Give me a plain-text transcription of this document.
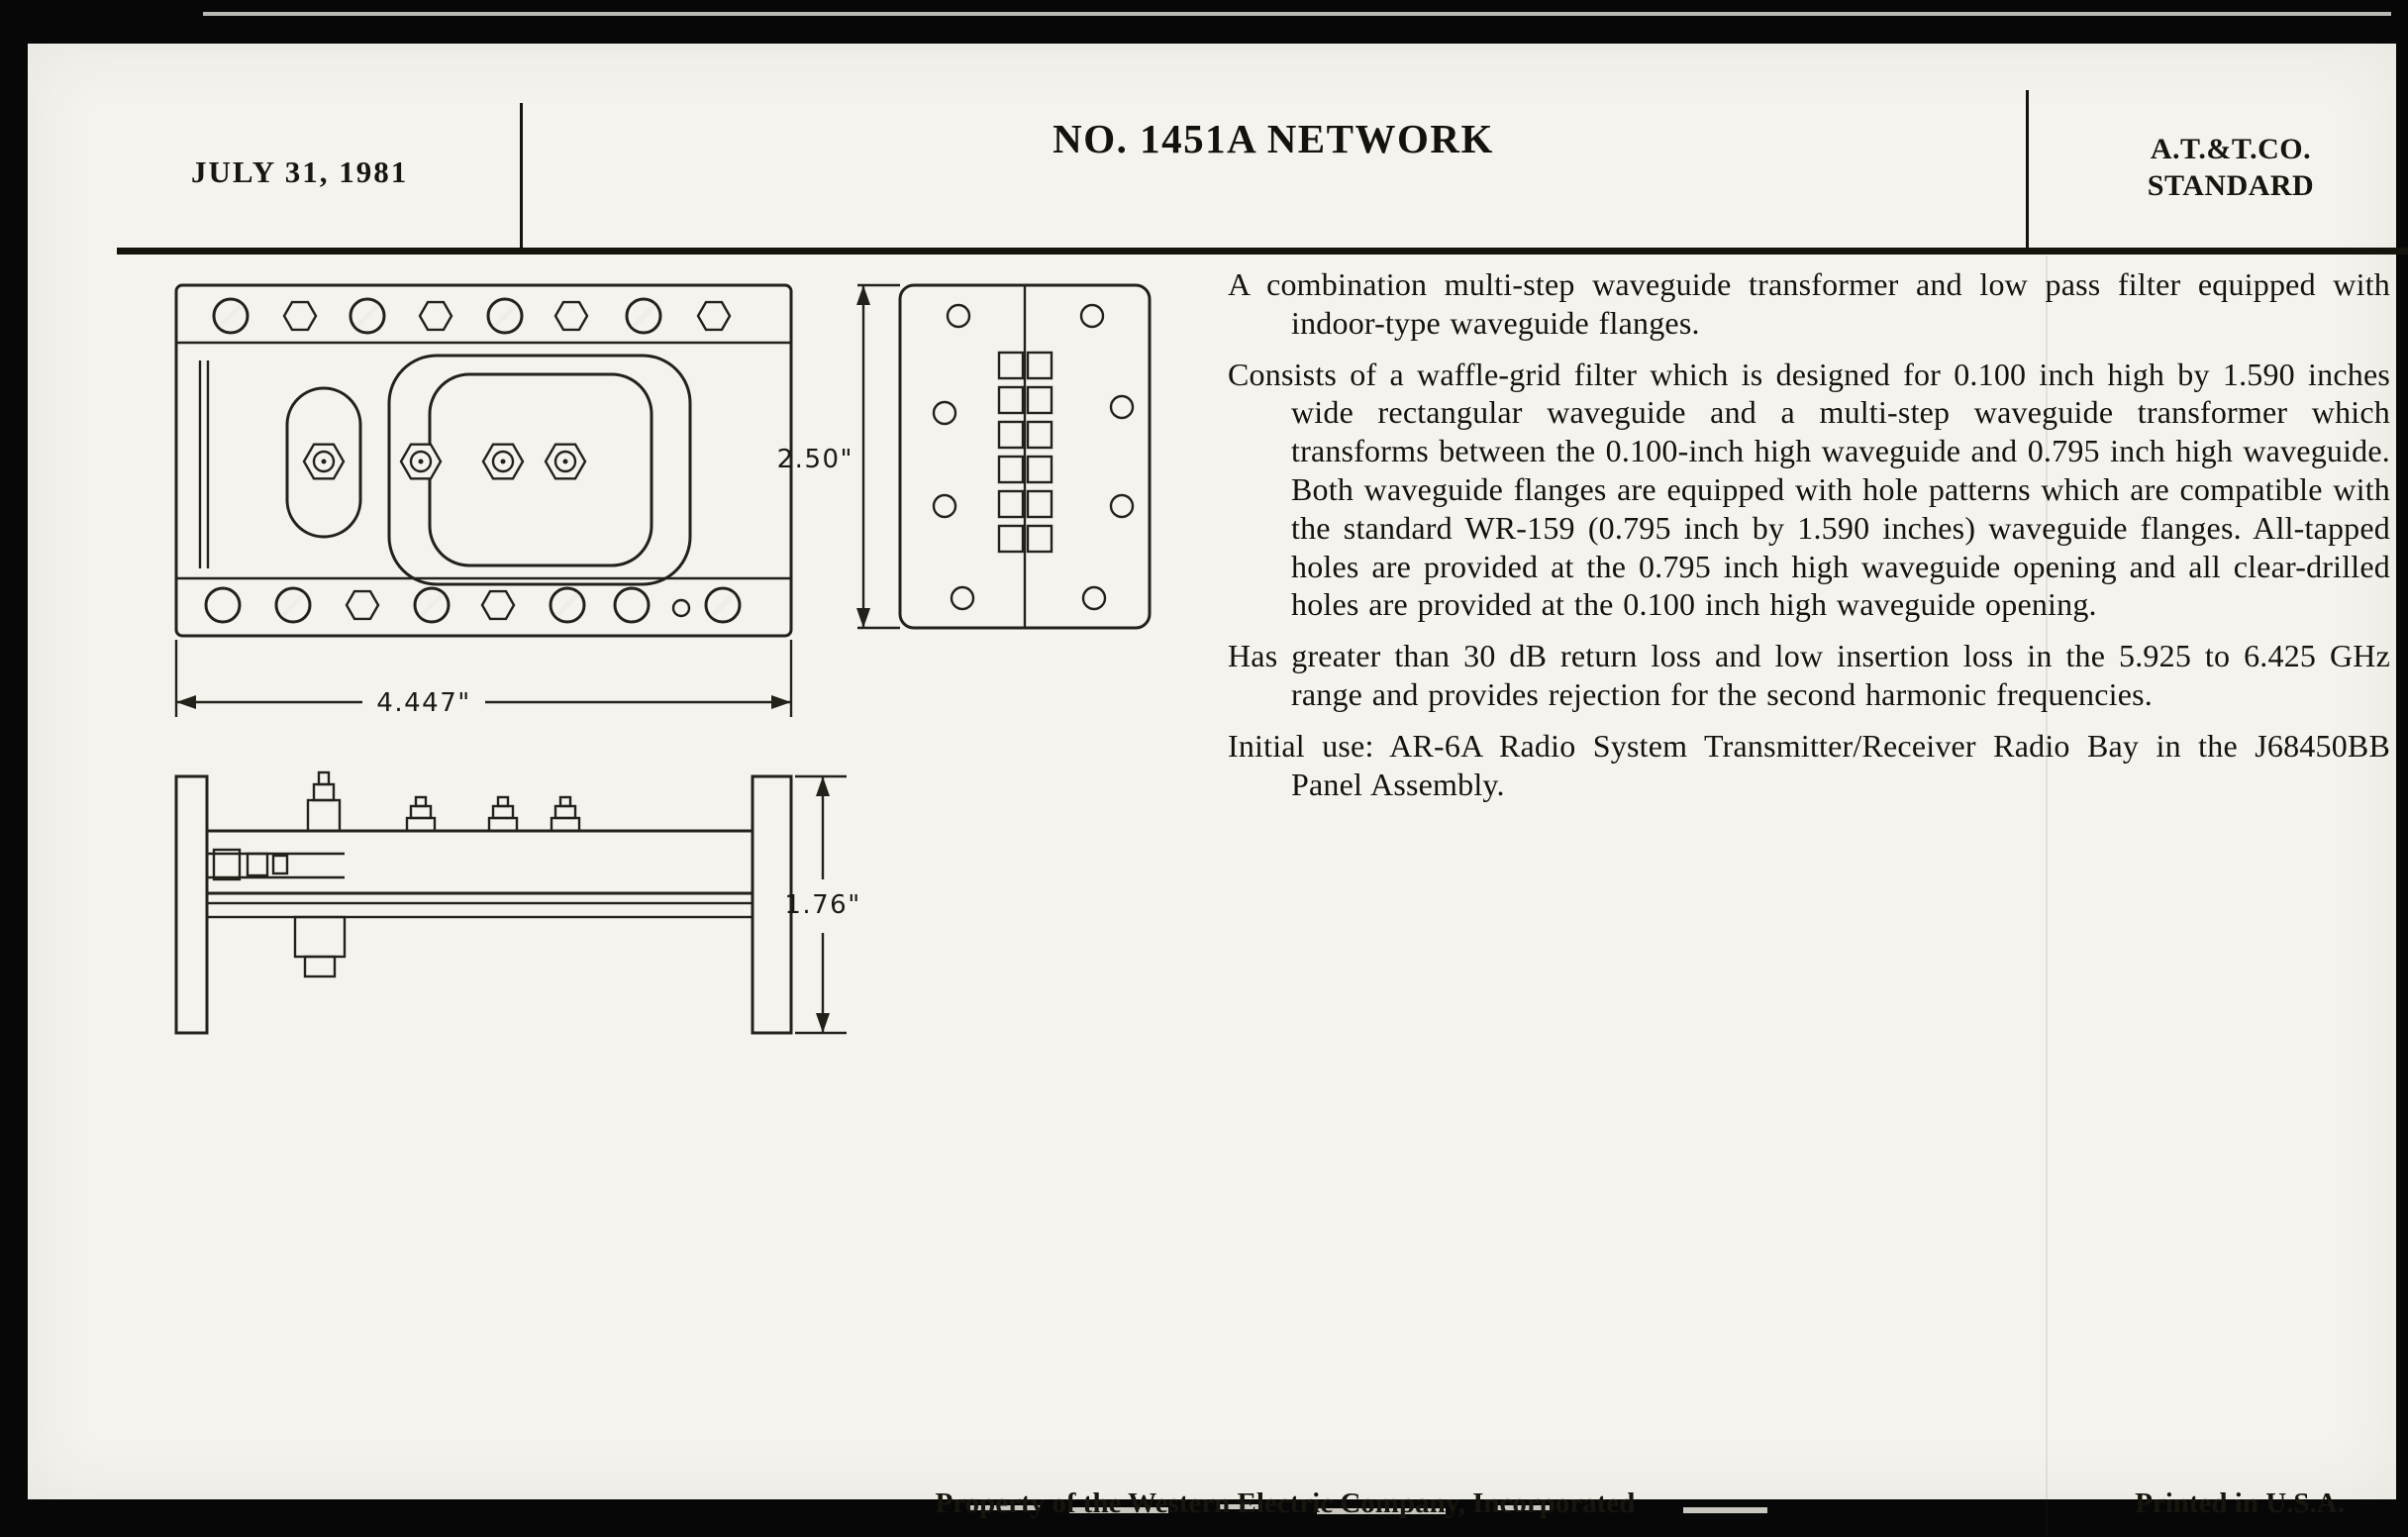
JULY 31, 1981
NO. 1451A NETWORK	A.T.&T.CO.
STANDARD
4.447"
2.50"
1.76"

A combination multi-step waveguide transformer and low pass filter equipped with indoor-type waveguide flanges.

Consists of a waffle-grid filter which is designed for 0.100 inch high by 1.590 inches wide rectangular waveguide and a multi-step waveguide transformer which transforms between the 0.100-inch high waveguide and 0.795 inch high waveguide. Both waveguide flanges are equipped with hole patterns which are compatible with the standard WR-159 (0.795 inch by 1.590 inches) waveguide flanges. All-tapped holes are provided at the 0.795 inch high waveguide opening and all clear-drilled holes are provided at the 0.100 inch high waveguide opening.

Has greater than 30 dB return loss and low insertion loss in the 5.925 to 6.425 GHz range and provides rejection for the second harmonic frequencies.

Initial use: AR-6A Radio System Transmitter/Receiver Radio Bay in the J68450BB Panel Assembly.

Property of the Western Electric Company, Incorporated	Printed in U.S.A.
